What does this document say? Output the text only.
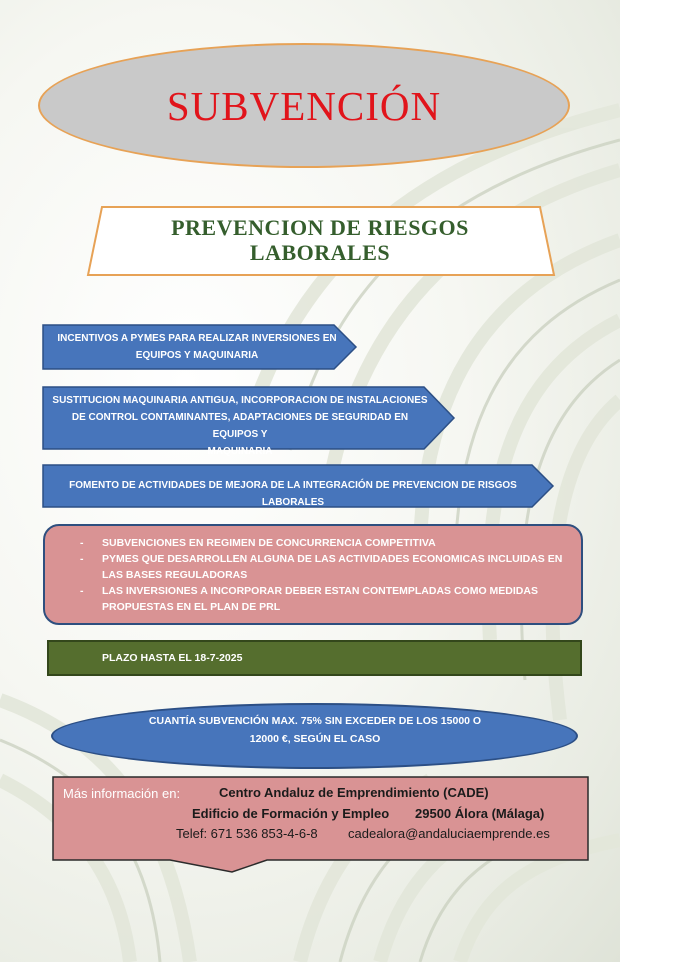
SUBVENCIÓN
PREVENCION DE RIESGOS
LABORALES
INCENTIVOS A PYMES PARA REALIZAR INVERSIONES EN
EQUIPOS Y MAQUINARIA
SUSTITUCION MAQUINARIA ANTIGUA, INCORPORACION DE INSTALACIONES
DE CONTROL CONTAMINANTES, ADAPTACIONES DE SEGURIDAD EN EQUIPOS Y
MAQUINARIA
FOMENTO DE ACTIVIDADES DE MEJORA DE LA INTEGRACIÓN DE PREVENCION DE RISGOS LABORALES
- SUBVENCIONES EN REGIMEN DE CONCURRENCIA COMPETITIVA
- PYMES QUE DESARROLLEN ALGUNA DE LAS ACTIVIDADES ECONOMICAS INCLUIDAS EN
LAS BASES REGULADORAS
- LAS INVERSIONES A INCORPORAR DEBER ESTAN CONTEMPLADAS COMO MEDIDAS
PROPUESTAS EN EL PLAN DE PRL
PLAZO HASTA EL 18-7-2025
CUANTÍA SUBVENCIÓN MAX. 75% SIN EXCEDER DE LOS 15000 O
12000 €, SEGÚN EL CASO
Más información en:	Centro Andaluz de Emprendimiento (CADE)
Edificio de Formación y Empleo 29500 Álora (Málaga)
Telef: 671 536 853-4-6-8 cadealora@andaluciaemprende.es
